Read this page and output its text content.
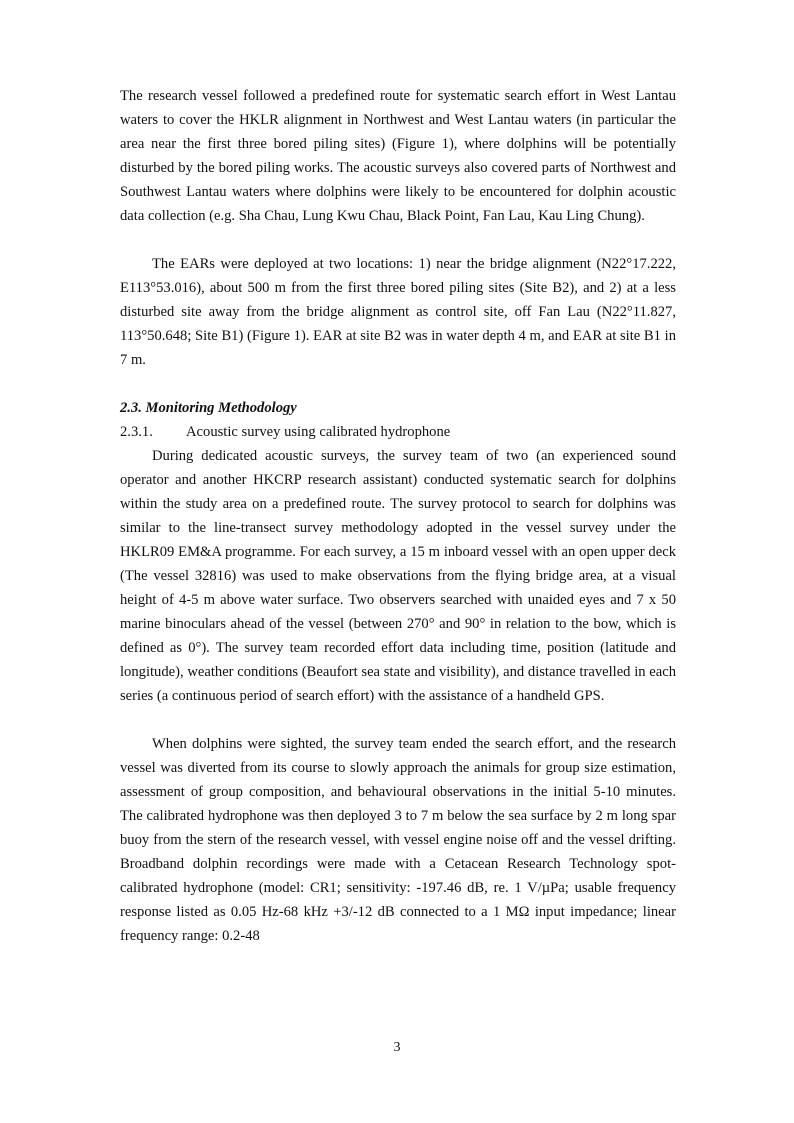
The research vessel followed a predefined route for systematic search effort in West Lantau waters to cover the HKLR alignment in Northwest and West Lantau waters (in particular the area near the first three bored piling sites) (Figure 1), where dolphins will be potentially disturbed by the bored piling works. The acoustic surveys also covered parts of Northwest and Southwest Lantau waters where dolphins were likely to be encountered for dolphin acoustic data collection (e.g. Sha Chau, Lung Kwu Chau, Black Point, Fan Lau, Kau Ling Chung).

The EARs were deployed at two locations: 1) near the bridge alignment (N22°17.222, E113°53.016), about 500 m from the first three bored piling sites (Site B2), and 2) at a less disturbed site away from the bridge alignment as control site, off Fan Lau (N22°11.827, 113°50.648; Site B1) (Figure 1). EAR at site B2 was in water depth 4 m, and EAR at site B1 in 7 m.

2.3. Monitoring Methodology

2.3.1. Acoustic survey using calibrated hydrophone

During dedicated acoustic surveys, the survey team of two (an experienced sound operator and another HKCRP research assistant) conducted systematic search for dolphins within the study area on a predefined route. The survey protocol to search for dolphins was similar to the line-transect survey methodology adopted in the vessel survey under the HKLR09 EM&A programme. For each survey, a 15 m inboard vessel with an open upper deck (The vessel 32816) was used to make observations from the flying bridge area, at a visual height of 4-5 m above water surface. Two observers searched with unaided eyes and 7 x 50 marine binoculars ahead of the vessel (between 270° and 90° in relation to the bow, which is defined as 0°). The survey team recorded effort data including time, position (latitude and longitude), weather conditions (Beaufort sea state and visibility), and distance travelled in each series (a continuous period of search effort) with the assistance of a handheld GPS.

When dolphins were sighted, the survey team ended the search effort, and the research vessel was diverted from its course to slowly approach the animals for group size estimation, assessment of group composition, and behavioural observations in the initial 5-10 minutes. The calibrated hydrophone was then deployed 3 to 7 m below the sea surface by 2 m long spar buoy from the stern of the research vessel, with vessel engine noise off and the vessel drifting. Broadband dolphin recordings were made with a Cetacean Research Technology spot-calibrated hydrophone (model: CR1; sensitivity: -197.46 dB, re. 1 V/µPa; usable frequency response listed as 0.05 Hz-68 kHz +3/-12 dB connected to a 1 MΩ input impedance; linear frequency range: 0.2-48

3
